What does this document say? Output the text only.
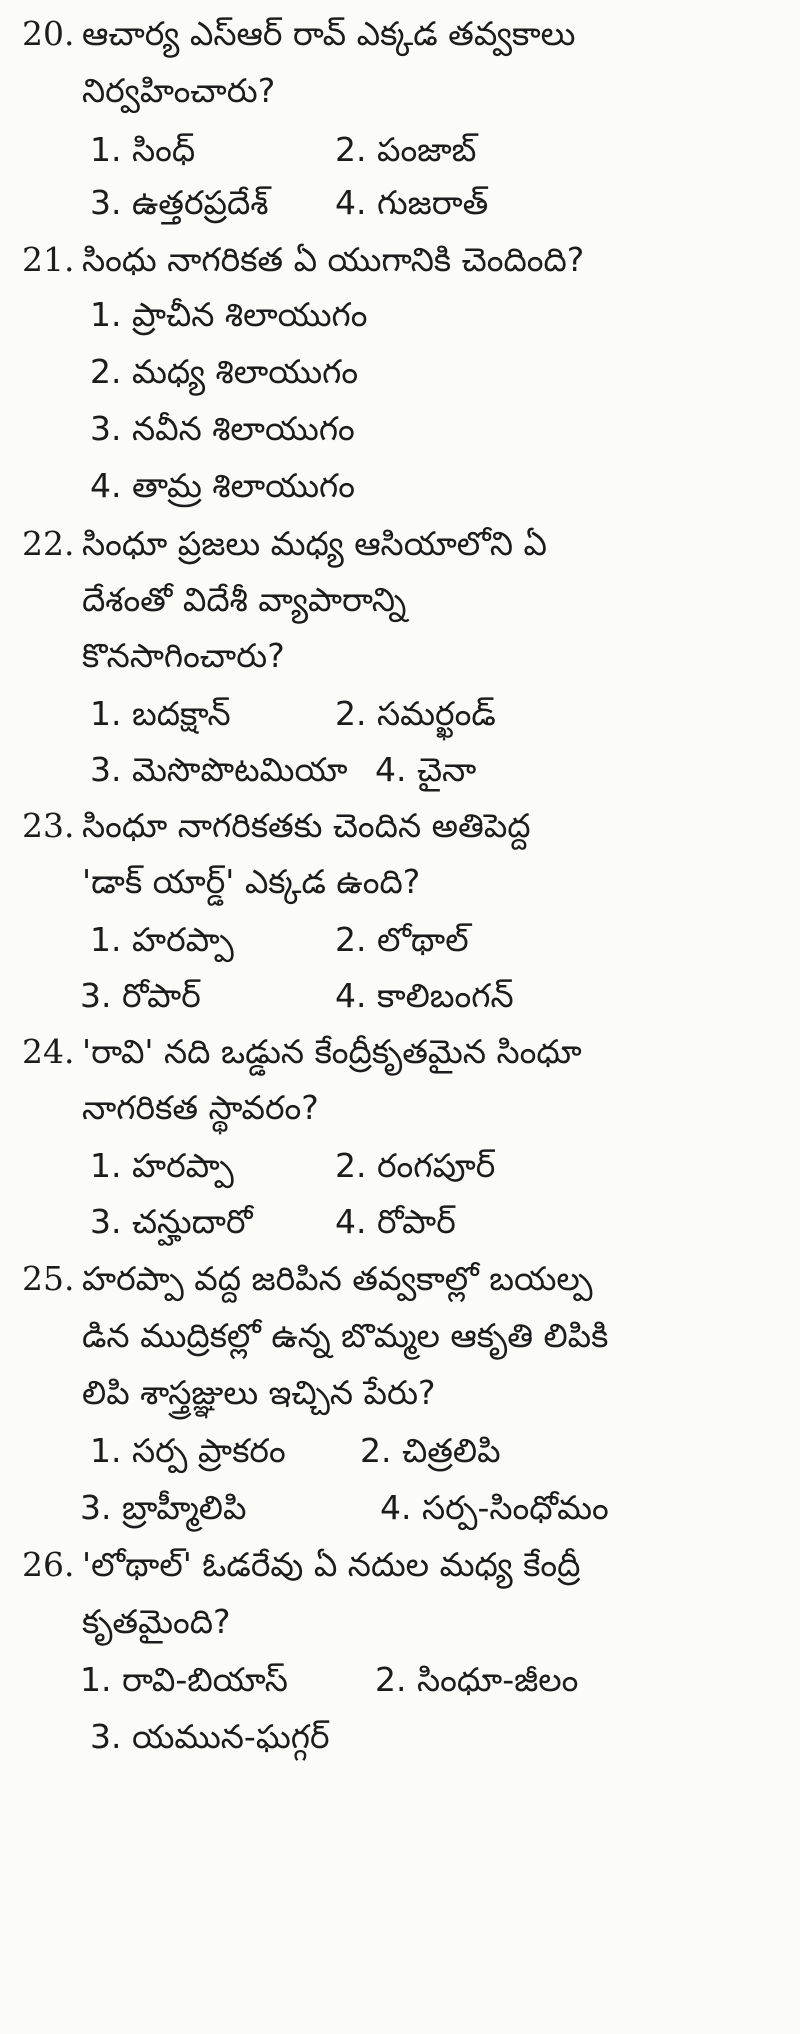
20. ఆచార్య ఎస్ఆర్ రావ్ ఎక్కడ తవ్వకాలు
నిర్వహించారు?
1. సింధ్	2. పంజాబ్
3. ఉత్తరప్రదేశ్ 4. గుజరాత్
21. సింధు నాగరికత ఏ యుగానికి చెందింది?
1. ప్రాచీన శిలాయుగం
2. మధ్య శిలాయుగం
3. నవీన శిలాయుగం
4. తామ్ర శిలాయుగం
22. సింధూ ప్రజలు మధ్య ఆసియాలోని ఏ
దేశంతో విదేశీ వ్యాపారాన్ని
కొనసాగించారు?
1. బదక్షాన్	2. సమర్ఖండ్
3. మెసొపొటమియా 4. చైనా
23. సింధూ నాగరికతకు చెందిన అతిపెద్ద
'డాక్ యార్డ్' ఎక్కడ ఉంది?
1. హరప్పా	2. లోథాల్
3. రోపార్	4. కాలిబంగన్
24. 'రావి' నది ఒడ్డున కేంద్రీకృతమైన సింధూ
నాగరికత స్థావరం?
1. హరప్పా	2. రంగపూర్
3. చన్హుదారో	4. రోపార్
25. హరప్పా వద్ద జరిపిన తవ్వకాల్లో బయల్ప
డిన ముద్రికల్లో ఉన్న బొమ్మల ఆకృతి లిపికి
లిపి శాస్త్రజ్ఞులు ఇచ్చిన పేరు?
1. సర్ప ప్రాకరం 2. చిత్రలిపి
3. బ్రాహ్మీలిపి	4. సర్ప-సింధోమం
26. 'లోథాల్' ఓడరేవు ఏ నదుల మధ్య కేంద్రీ
కృతమైంది?
1. రావి-బియాస్	2. సింధూ-జీలం
3. యమున-ఘగ్గర్
